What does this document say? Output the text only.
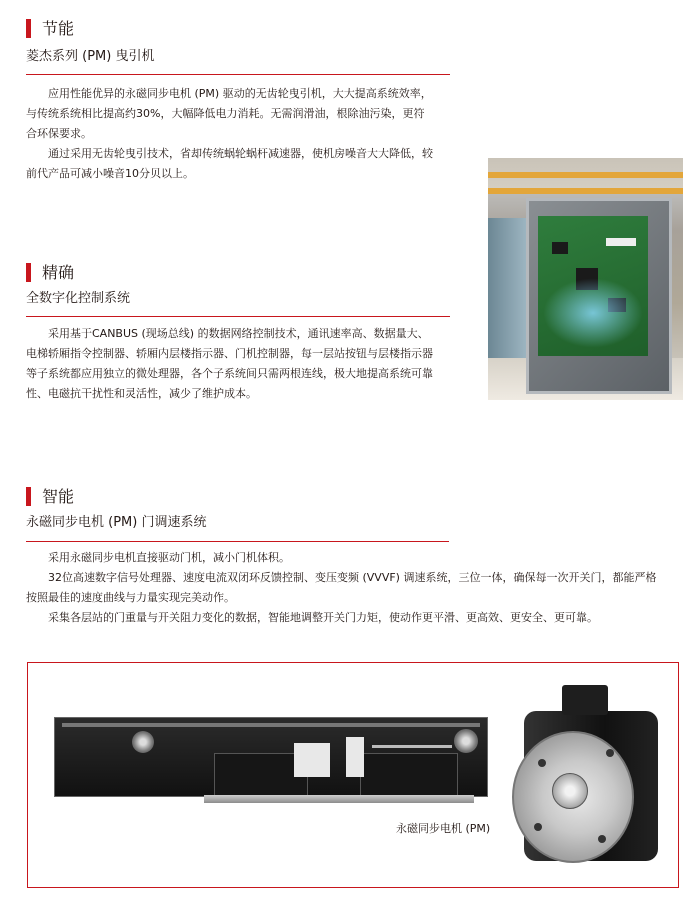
节能
菱杰系列 (PM) 曳引机

应用性能优异的永磁同步电机 (PM) 驱动的无齿轮曳引机，大大提高系统效率，与传统系统相比提高约30%，大幅降低电力消耗。无需润滑油，根除油污染，更符合环保要求。

通过采用无齿轮曳引技术，省却传统蜗轮蜗杆减速器，使机房噪音大大降低，较前代产品可减小噪音10分贝以上。

精确
全数字化控制系统

采用基于CANBUS (现场总线) 的数据网络控制技术，通讯速率高、数据量大、电梯轿厢指令控制器、轿厢内层楼指示器、门机控制器，每一层站按钮与层楼指示器等子系统都应用独立的微处理器，各个子系统间只需两根连线，极大地提高系统可靠性、电磁抗干扰性和灵活性，减少了维护成本。

智能
永磁同步电机 (PM) 门调速系统

采用永磁同步电机直接驱动门机，减小门机体积。

32位高速数字信号处理器、速度电流双闭环反馈控制、变压变频 (VVVF) 调速系统，三位一体，确保每一次开关门，都能严格按照最佳的速度曲线与力量实现完美动作。

采集各层站的门重量与开关阻力变化的数据，智能地调整开关门力矩，使动作更平滑、更高效、更安全、更可靠。

永磁同步电机 (PM)
